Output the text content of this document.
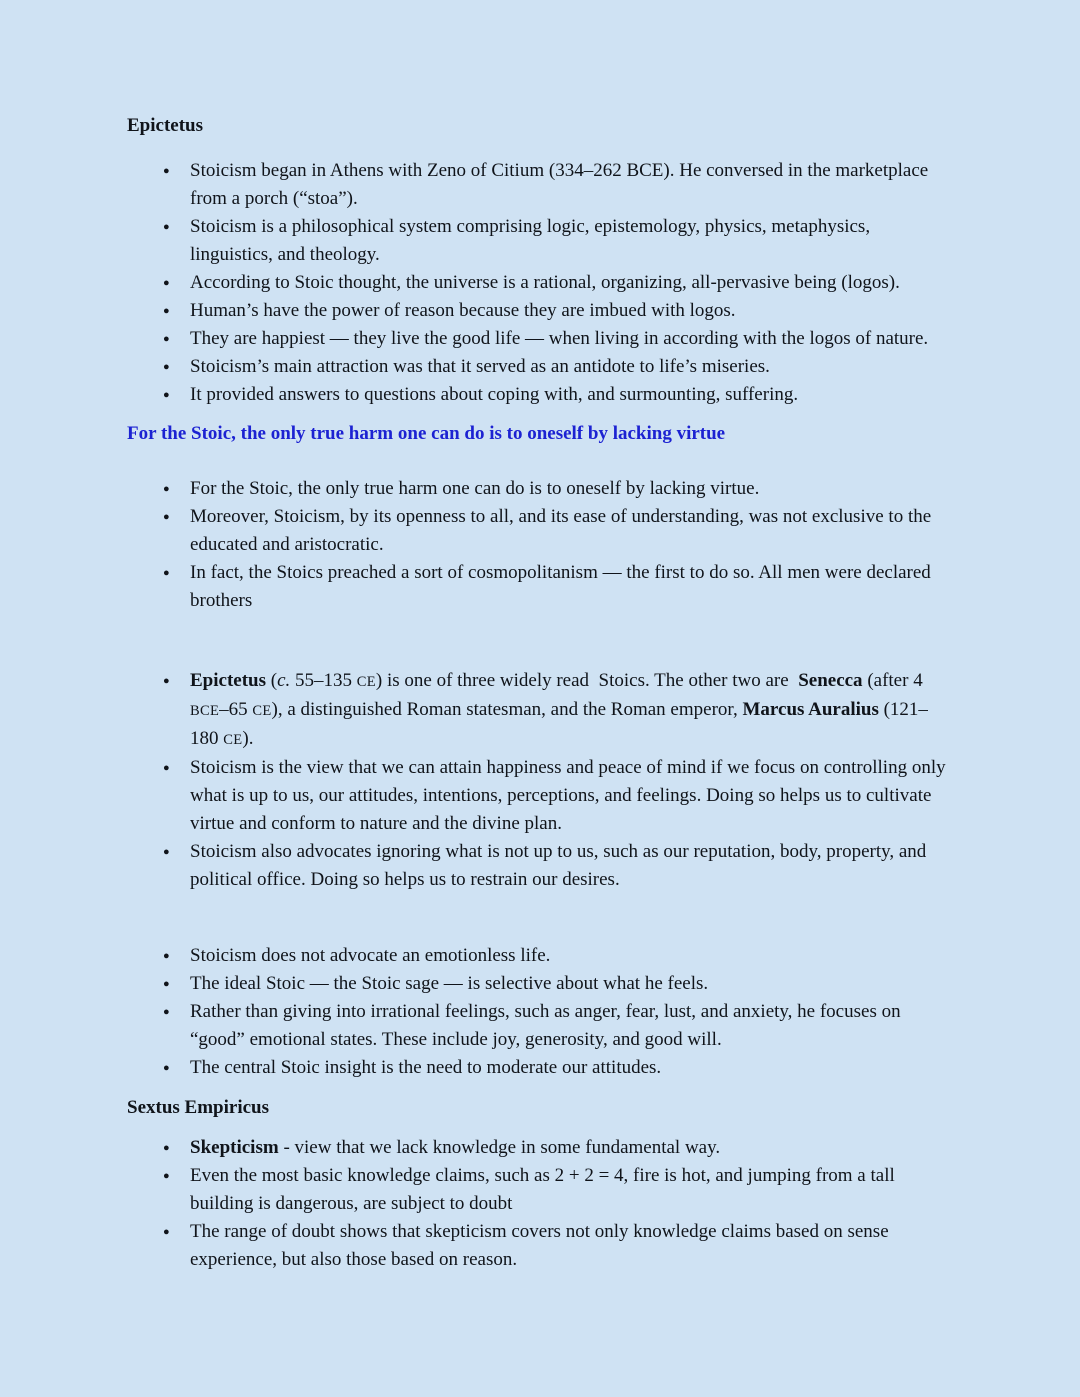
Epictetus
● Stoicism began in Athens with Zeno of Citium (334–262 BCE). He conversed in the marketplace from a porch (“stoa”).
● Stoicism is a philosophical system comprising logic, epistemology, physics, metaphysics, linguistics, and theology.
● According to Stoic thought, the universe is a rational, organizing, all-pervasive being (logos).
● Human’s have the power of reason because they are imbued with logos.
● They are happiest — they live the good life — when living in according with the logos of nature.
● Stoicism’s main attraction was that it served as an antidote to life’s miseries.
● It provided answers to questions about coping with, and surmounting, suffering.
For the Stoic, the only true harm one can do is to oneself by lacking virtue
● For the Stoic, the only true harm one can do is to oneself by lacking virtue.
● Moreover, Stoicism, by its openness to all, and its ease of understanding, was not exclusive to the educated and aristocratic.
● In fact, the Stoics preached a sort of cosmopolitanism — the first to do so. All men were declared brothers
● Epictetus (c. 55–135 CE) is one of three widely read  Stoics. The other two are  Senecca (after 4 BCE–65 CE), a distinguished Roman statesman, and the Roman emperor, Marcus Auralius (121–180 CE).
● Stoicism is the view that we can attain happiness and peace of mind if we focus on controlling only what is up to us, our attitudes, intentions, perceptions, and feelings. Doing so helps us to cultivate virtue and conform to nature and the divine plan.
● Stoicism also advocates ignoring what is not up to us, such as our reputation, body, property, and political office. Doing so helps us to restrain our desires.
● Stoicism does not advocate an emotionless life.
● The ideal Stoic — the Stoic sage — is selective about what he feels.
● Rather than giving into irrational feelings, such as anger, fear, lust, and anxiety, he focuses on “good” emotional states. These include joy, generosity, and good will.
● The central Stoic insight is the need to moderate our attitudes.
Sextus Empiricus
● Skepticism - view that we lack knowledge in some fundamental way.
● Even the most basic knowledge claims, such as 2 + 2 = 4, fire is hot, and jumping from a tall building is dangerous, are subject to doubt
● The range of doubt shows that skepticism covers not only knowledge claims based on sense experience, but also those based on reason.
